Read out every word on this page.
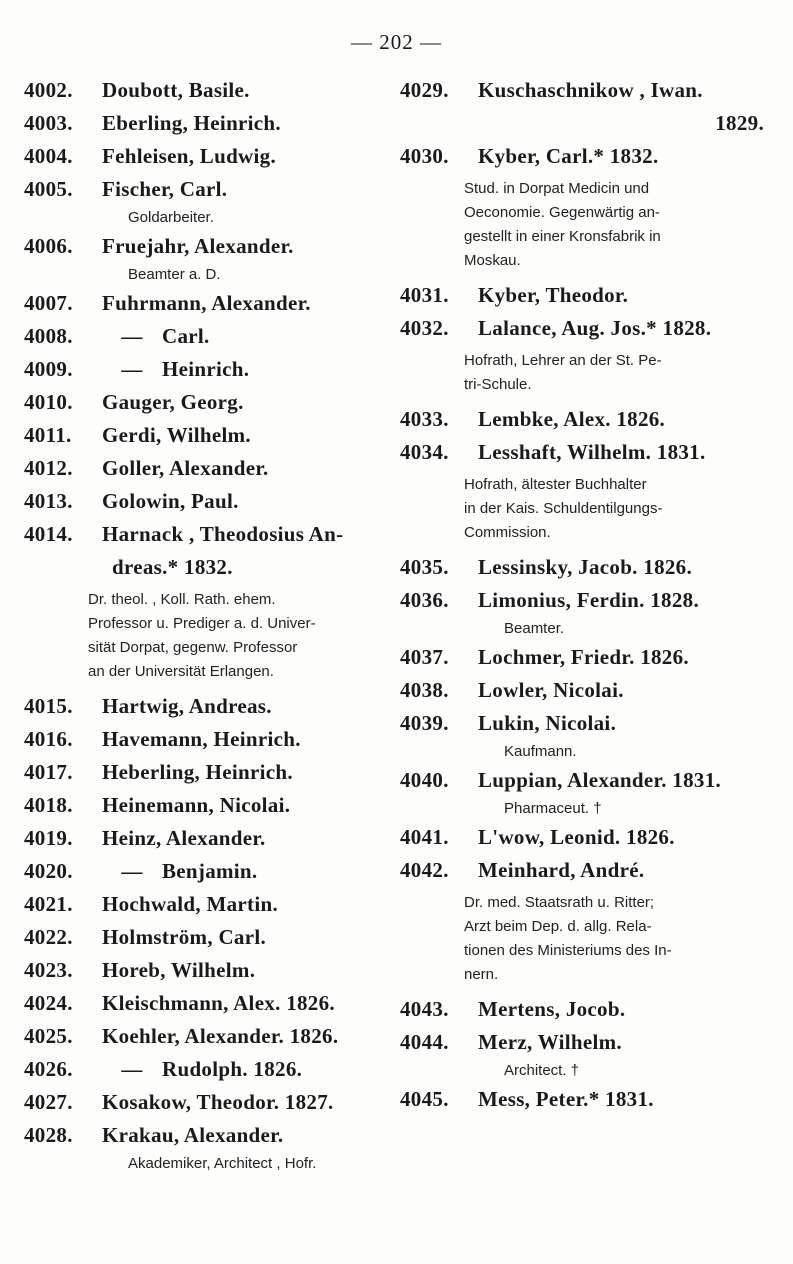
— 202 —
4002. Doubott, Basile.
4003. Eberling, Heinrich.
4004. Fehleisen, Ludwig.
4005. Fischer, Carl.
Goldarbeiter.
4006. Fruejahr, Alexander.
Beamter a. D.
4007. Fuhrmann, Alexander.
4008. — Carl.
4009. — Heinrich.
4010. Gauger, Georg.
4011. Gerdi, Wilhelm.
4012. Goller, Alexander.
4013. Golowin, Paul.
4014. Harnack , Theodosius An-
dreas.* 1832.
Dr. theol. , Koll. Rath. ehem.
Professor u. Prediger a. d. Univer-
sität Dorpat, gegenw. Professor
an der Universität Erlangen.
4015. Hartwig, Andreas.
4016. Havemann, Heinrich.
4017. Heberling, Heinrich.
4018. Heinemann, Nicolai.
4019. Heinz, Alexander.
4020. — Benjamin.
4021. Hochwald, Martin.
4022. Holmström, Carl.
4023. Horeb, Wilhelm.
4024. Kleischmann, Alex. 1826.
4025. Koehler, Alexander. 1826.
4026. — Rudolph. 1826.
4027. Kosakow, Theodor. 1827.
4028. Krakau, Alexander.
Akademiker, Architect , Hofr.
4029. Kuschaschnikow , Iwan.
1829.
4030. Kyber, Carl.* 1832.
Stud. in Dorpat Medicin und
Oeconomie. Gegenwärtig an-
gestellt in einer Kronsfabrik in
Moskau.
4031. Kyber, Theodor.
4032. Lalance, Aug. Jos.* 1828.
Hofrath, Lehrer an der St. Pe-
tri-Schule.
4033. Lembke, Alex. 1826.
4034. Lesshaft, Wilhelm. 1831.
Hofrath, ältester Buchhalter
in der Kais. Schuldentilgungs-
Commission.
4035. Lessinsky, Jacob. 1826.
4036. Limonius, Ferdin. 1828.
Beamter.
4037. Lochmer, Friedr. 1826.
4038. Lowler, Nicolai.
4039. Lukin, Nicolai.
Kaufmann.
4040. Luppian, Alexander. 1831.
Pharmaceut. †
4041. L'wow, Leonid. 1826.
4042. Meinhard, André.
Dr. med. Staatsrath u. Ritter;
Arzt beim Dep. d. allg. Rela-
tionen des Ministeriums des In-
nern.
4043. Mertens, Jocob.
4044. Merz, Wilhelm.
Architect. †
4045. Mess, Peter.* 1831.
